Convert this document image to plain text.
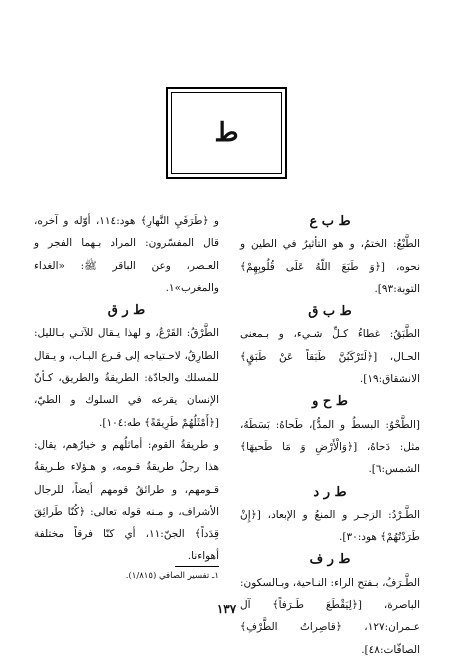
ط
ط ب ع

الطَّبْعُ: الختمُ، و هو التأثيرُ في الطين و نحوه، [﴿وَ طَبَعَ اللّهُ عَلَى قُلُوبِهِمْ﴾ التوبة:٩٣].

ط ب ق

الطَّبَقُ: غطاءُ كـلِّ شـيء، و بـمعنى الحـال، [﴿لَتَرْكَبُنَّ طَبَقاً عَنْ طَبَقٍ﴾ الانشقاق:١٩].

ط ح و

[الطَّحْوُ: البسطُ و المدُّ]، طَحاهُ: بَسَطَهُ، مثل: دَحاهُ، [﴿وَالْأَرْضِ وَ مَا طَحيهَا﴾ الشمس:٦].

ط ر د

الطَّـرْدُ: الزجـر و المنعُ و الإبعاد، [﴿إِنْ طَرَدْتُهُمْ﴾ هود:٣٠].

ط ر ف

الطَّـرَفُ، بـفتح الراء: النـاحية، وبـالسكون: الباصرة، [﴿لِيَقْطَعَ طَـرَفاً﴾ آل عـمران:١٢٧، ﴿قاصِراتُ الطَّرْفِ﴾ الصافّات:٤٨].

و ﴿طَرَفَيِ النَّهارِ﴾ هود:١١٤، أوّله و آخره، قال المفسّرون: المراد بـهما الفجر و العـصر، وعن الباقر ﷺ: «الغداء والمغرب»١.

ط ر ق

الطَّرْقُ: القَرْعُ، و لهذا يـقال للآتـي بـالليل: الطارِقُ، لاحـتياجه إلى قـرع البـاب، و يـقال للمسلك والجادّة: الطريقةُ والطريق، كـأنّ الإنسان يقرعه في السلوك و الطيّ، [﴿أَمْثَلُهُمْ طَرِيقَةً﴾ طه:١٠٤].

و طريقةُ القوم: أماثلُهم و خيارُهم، يقال: هذا رجلُ طريقةُ قـومه، و هـؤلاء طـريقةُ قـومهم، و طرائقُ قومهم أيضاً، للرجال الأشراف، و مـنه قوله تعالى: ﴿كُنّا طَرائِقَ قِدَداً﴾ الجنّ:١١، أي كنّا فرقاً مختلفة أهواءنا.

١ـ تفسير الصافي (١/٨١٥).
١٣٧
